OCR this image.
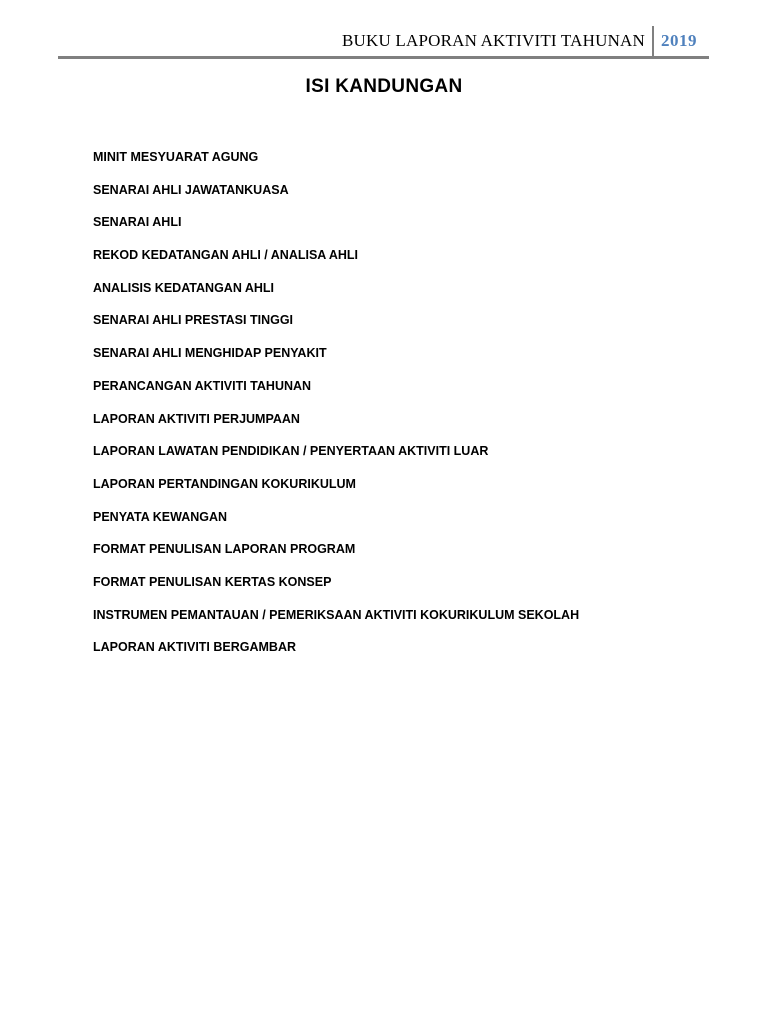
BUKU LAPORAN AKTIVITI TAHUNAN 2019
ISI KANDUNGAN
MINIT MESYUARAT AGUNG
SENARAI AHLI JAWATANKUASA
SENARAI AHLI
REKOD KEDATANGAN AHLI / ANALISA AHLI
ANALISIS KEDATANGAN AHLI
SENARAI AHLI PRESTASI TINGGI
SENARAI AHLI MENGHIDAP PENYAKIT
PERANCANGAN AKTIVITI TAHUNAN
LAPORAN AKTIVITI PERJUMPAAN
LAPORAN LAWATAN PENDIDIKAN / PENYERTAAN AKTIVITI LUAR
LAPORAN PERTANDINGAN KOKURIKULUM
PENYATA KEWANGAN
FORMAT PENULISAN LAPORAN PROGRAM
FORMAT PENULISAN KERTAS KONSEP
INSTRUMEN PEMANTAUAN / PEMERIKSAAN AKTIVITI KOKURIKULUM SEKOLAH
LAPORAN AKTIVITI BERGAMBAR
